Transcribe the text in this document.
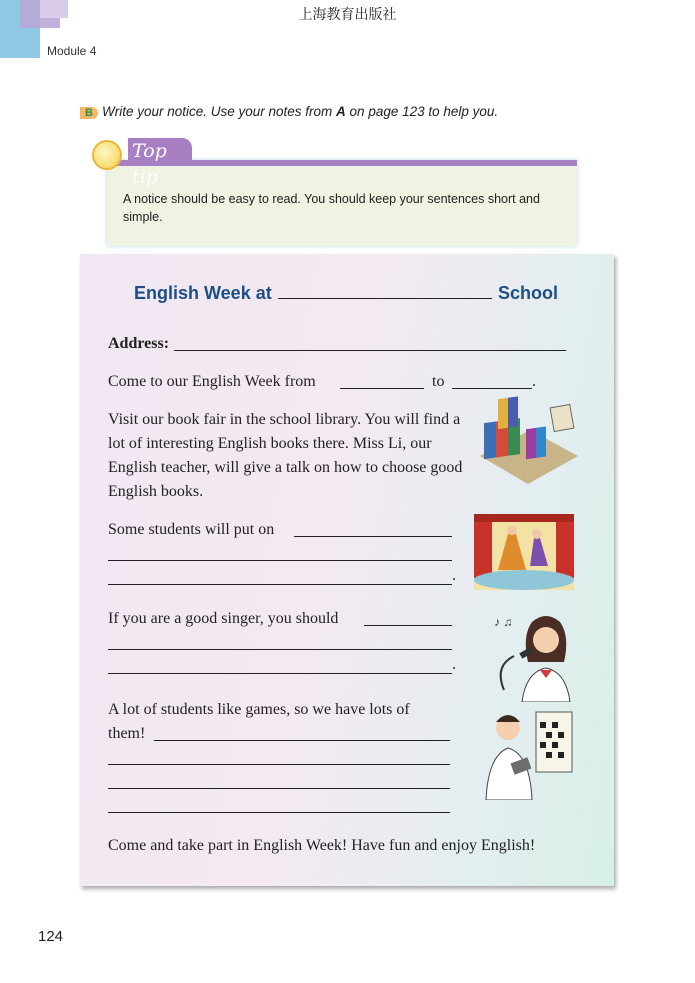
上海教育出版社
Module 4
B Write your notice. Use your notes from A on page 123 to help you.
A notice should be easy to read. You should keep your sentences short and simple.
Top tip
English Week at	School
Address:
Come to our English Week from	to	.
Visit our book fair in the school library. You will find a lot of interesting English books there. Miss Li, our English teacher, will give a talk on how to choose good English books.
Some students will put on
.
If you are a good singer, you should
.
♪ ♫
A lot of students like games, so we have lots of them!
Come and take part in English Week! Have fun and enjoy English!
124
